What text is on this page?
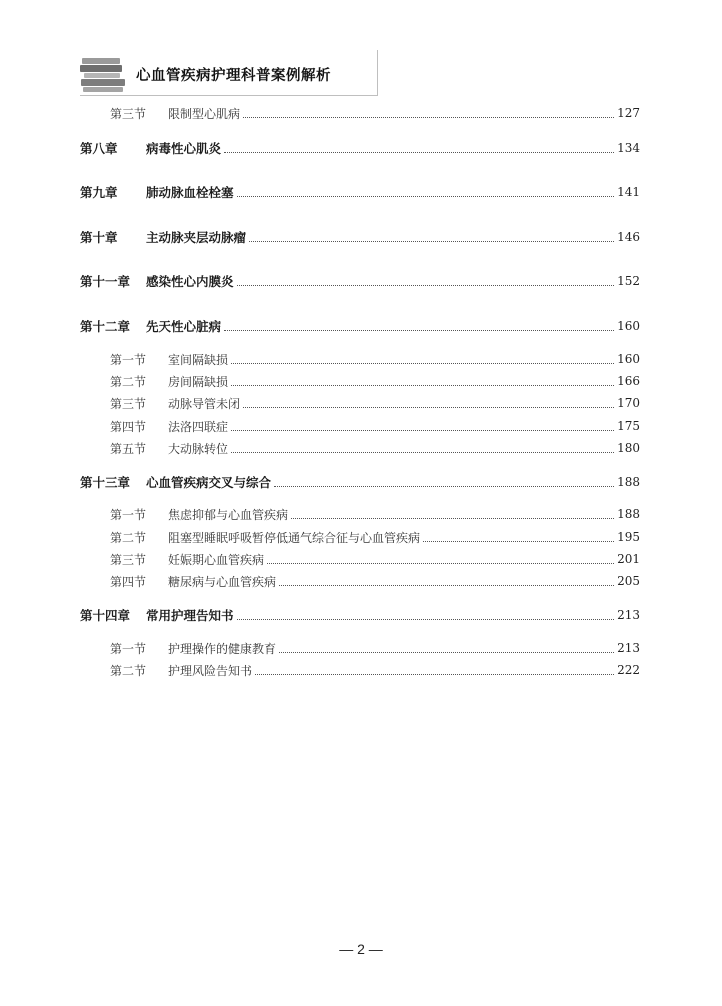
心血管疾病护理科普案例解析
第三节	限制型心肌病	127
第八章	病毒性心肌炎	134
第九章	肺动脉血栓栓塞	141
第十章	主动脉夹层动脉瘤	146
第十一章	感染性心内膜炎	152
第十二章	先天性心脏病	160
第一节	室间隔缺损	160
第二节	房间隔缺损	166
第三节	动脉导管未闭	170
第四节	法洛四联症	175
第五节	大动脉转位	180
第十三章	心血管疾病交叉与综合	188
第一节	焦虑抑郁与心血管疾病	188
第二节	阻塞型睡眠呼吸暂停低通气综合征与心血管疾病	195
第三节	妊娠期心血管疾病	201
第四节	糖尿病与心血管疾病	205
第十四章	常用护理告知书	213
第一节	护理操作的健康教育	213
第二节	护理风险告知书	222
— 2 —
